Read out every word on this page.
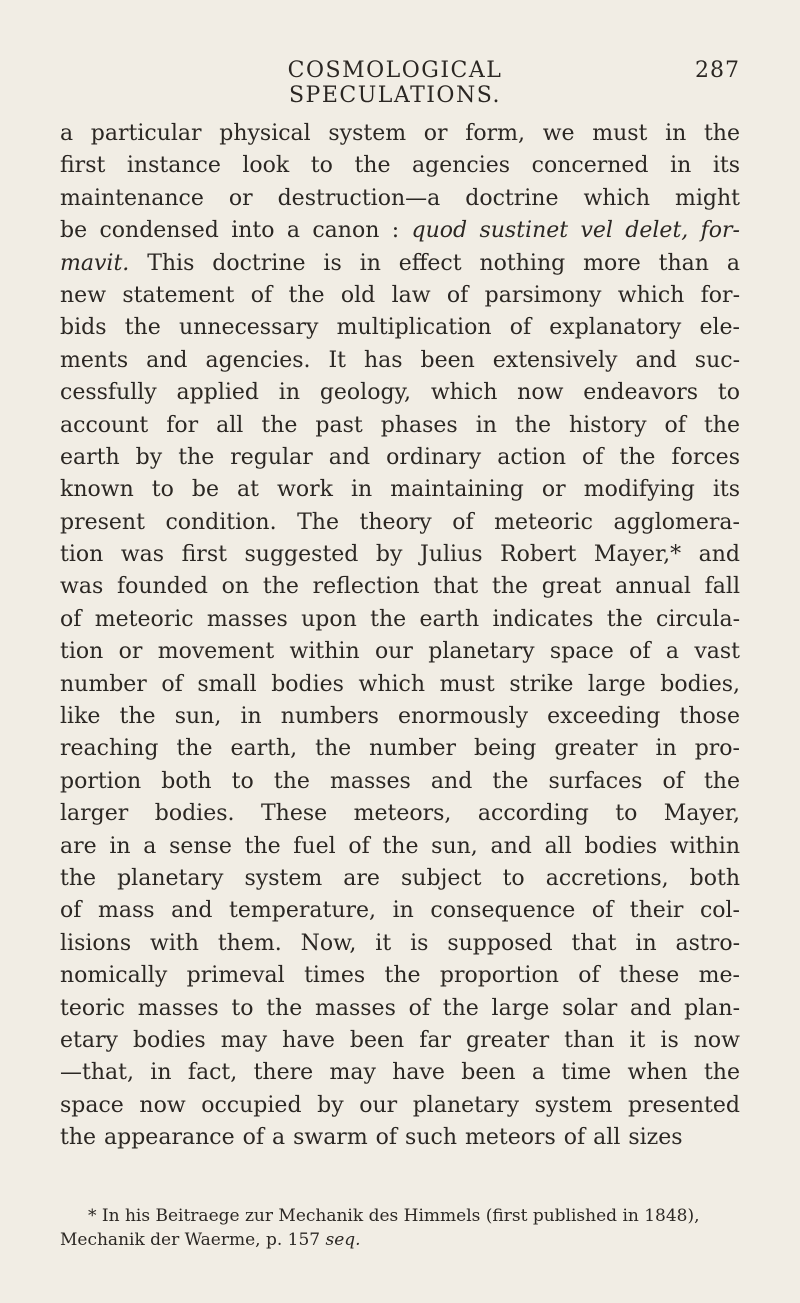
COSMOLOGICAL SPECULATIONS.
287
a particular physical system or form, we must in the
first instance look to the agencies concerned in its
maintenance or destruction—a doctrine which might
be condensed into a canon : quod sustinet vel delet, for-
mavit. This doctrine is in effect nothing more than a
new statement of the old law of parsimony which for-
bids the unnecessary multiplication of explanatory ele-
ments and agencies. It has been extensively and suc-
cessfully applied in geology, which now endeavors to
account for all the past phases in the history of the
earth by the regular and ordinary action of the forces
known to be at work in maintaining or modifying its
present condition. The theory of meteoric agglomera-
tion was first suggested by Julius Robert Mayer,* and
was founded on the reflection that the great annual fall
of meteoric masses upon the earth indicates the circula-
tion or movement within our planetary space of a vast
number of small bodies which must strike large bodies,
like the sun, in numbers enormously exceeding those
reaching the earth, the number being greater in pro-
portion both to the masses and the surfaces of the
larger bodies. These meteors, according to Mayer,
are in a sense the fuel of the sun, and all bodies within
the planetary system are subject to accretions, both
of mass and temperature, in consequence of their col-
lisions with them. Now, it is supposed that in astro-
nomically primeval times the proportion of these me-
teoric masses to the masses of the large solar and plan-
etary bodies may have been far greater than it is now
—that, in fact, there may have been a time when the
space now occupied by our planetary system presented
the appearance of a swarm of such meteors of all sizes
* In his Beitraege zur Mechanik des Himmels (first published in 1848),
Mechanik der Waerme, p. 157 seq.
